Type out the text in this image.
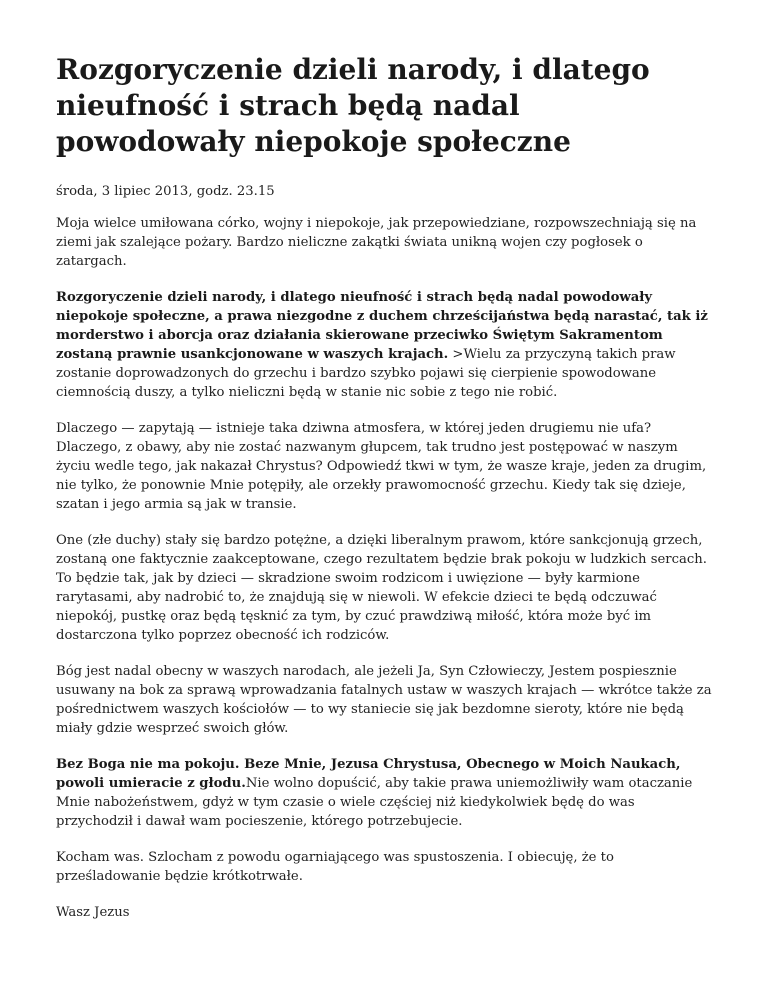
Rozgoryczenie dzieli narody, i dlatego nieufność i strach będą nadal powodowały niepokoje społeczne

środa, 3 lipiec 2013, godz. 23.15

Moja wielce umiłowana córko, wojny i niepokoje, jak przepowiedziane, rozpowszechniają się na ziemi jak szalejące pożary. Bardzo nieliczne zakątki świata unikną wojen czy pogłosek o zatargach.

Rozgoryczenie dzieli narody, i dlatego nieufność i strach będą nadal powodowały niepokoje społeczne, a prawa niezgodne z duchem chrześcijaństwa będą narastać, tak iż morderstwo i aborcja oraz działania skierowane przeciwko Świętym Sakramentom zostaną prawnie usankcjonowane w waszych krajach. >Wielu za przyczyną takich praw zostanie doprowadzonych do grzechu i bardzo szybko pojawi się cierpienie spowodowane ciemnością duszy, a tylko nieliczni będą w stanie nic sobie z tego nie robić.

Dlaczego — zapytają — istnieje taka dziwna atmosfera, w której jeden drugiemu nie ufa? Dlaczego, z obawy, aby nie zostać nazwanym głupcem, tak trudno jest postępować w naszym życiu wedle tego, jak nakazał Chrystus? Odpowiedź tkwi w tym, że wasze kraje, jeden za drugim, nie tylko, że ponownie Mnie potępiły, ale orzekły prawomocność grzechu. Kiedy tak się dzieje, szatan i jego armia są jak w transie.

One (złe duchy) stały się bardzo potężne, a dzięki liberalnym prawom, które sankcjonują grzech, zostaną one faktycznie zaakceptowane, czego rezultatem będzie brak pokoju w ludzkich sercach. To będzie tak, jak by dzieci — skradzione swoim rodzicom i uwięzione — były karmione rarytasami, aby nadrobić to, że znajdują się w niewoli. W efekcie dzieci te będą odczuwać niepokój, pustkę oraz będą tęsknić za tym, by czuć prawdziwą miłość, która może być im dostarczona tylko poprzez obecność ich rodziców.

Bóg jest nadal obecny w waszych narodach, ale jeżeli Ja, Syn Człowieczy, Jestem pospiesznie usuwany na bok za sprawą wprowadzania fatalnych ustaw w waszych krajach — wkrótce także za pośrednictwem waszych kościołów — to wy staniecie się jak bezdomne sieroty, które nie będą miały gdzie wesprzeć swoich głów.

Bez Boga nie ma pokoju. Beze Mnie, Jezusa Chrystusa, Obecnego w Moich Naukach, powoli umieracie z głodu.Nie wolno dopuścić, aby takie prawa uniemożliwiły wam otaczanie Mnie nabożeństwem, gdyż w tym czasie o wiele częściej niż kiedykolwiek będę do was przychodził i dawał wam pocieszenie, którego potrzebujecie.

Kocham was. Szlocham z powodu ogarniającego was spustoszenia. I obiecuję, że to prześladowanie będzie krótkotrwałe.

Wasz Jezus
